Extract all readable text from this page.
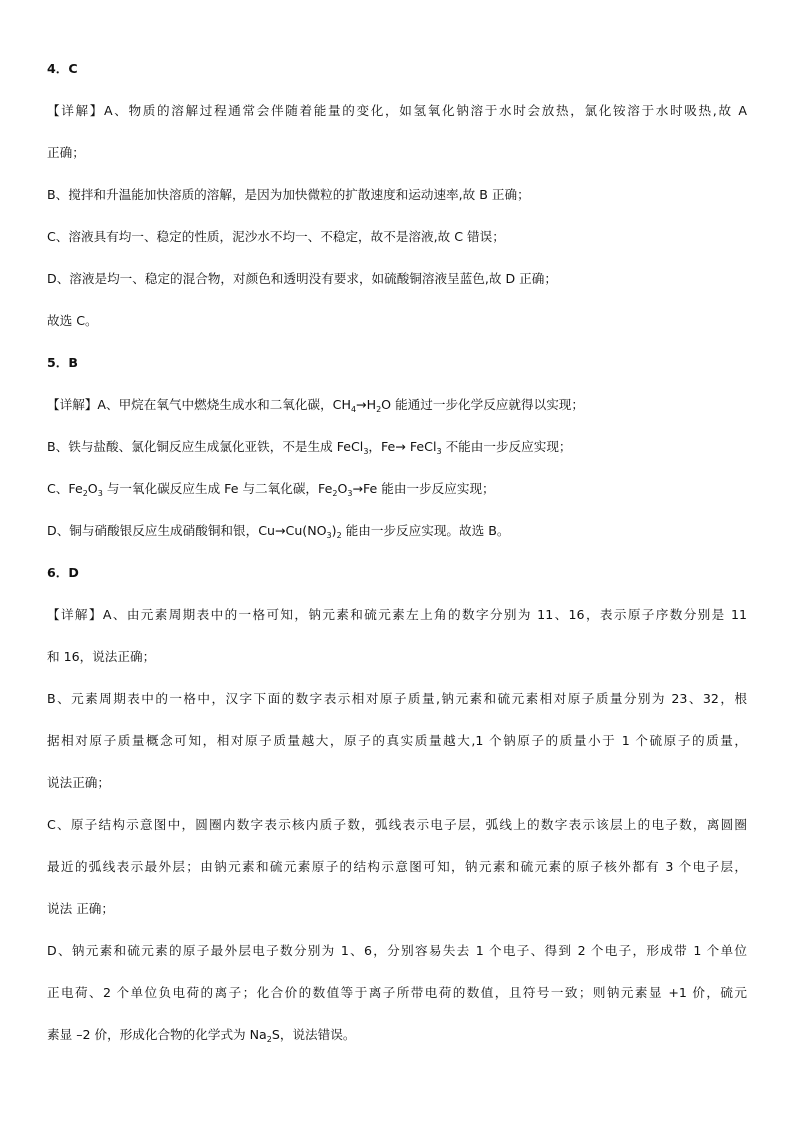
4．C
【详解】A、物质的溶解过程通常会伴随着能量的变化，如氢氧化钠溶于水时会放热，氯化铵溶于水时吸热,故 A
正确；
B、搅拌和升温能加快溶质的溶解，是因为加快微粒的扩散速度和运动速率,故 B 正确；
C、溶液具有均一、稳定的性质，泥沙水不均一、不稳定，故不是溶液,故 C 错误；
D、溶液是均一、稳定的混合物，对颜色和透明没有要求，如硫酸铜溶液呈蓝色,故 D 正确；
故选 C。
5．B
【详解】A、甲烷在氧气中燃烧生成水和二氧化碳，$CH_4\to H_2O$ 能通过一步化学反应就得以实现；
B、铁与盐酸、氯化铜反应生成氯化亚铁，不是生成 FeCl$_3$，Fe→ FeCl$_3$ 不能由一步反应实现；
C、$Fe_2O_3$ 与一氧化碳反应生成 Fe 与二氧化碳，$Fe_2O_3\to Fe$ 能由一步反应实现；
D、铜与硝酸银反应生成硝酸铜和银，$Cu\to Cu(NO_3)_2$ 能由一步反应实现。故选 B。
6．D
【详解】A、由元素周期表中的一格可知，钠元素和硫元素左上角的数字分别为 11、16，表示原子序数分别是 11
和 16，说法正确；
B、元素周期表中的一格中，汉字下面的数字表示相对原子质量,钠元素和硫元素相对原子质量分别为 23、32，根
据相对原子质量概念可知，相对原子质量越大，原子的真实质量越大,1 个钠原子的质量小于 1 个硫原子的质量，
说法正确；
C、原子结构示意图中，圆圈内数字表示核内质子数，弧线表示电子层，弧线上的数字表示该层上的电子数，离圆圈
最近的弧线表示最外层；由钠元素和硫元素原子的结构示意图可知，钠元素和硫元素的原子核外都有 3 个电子层，
说法 正确；
D、钠元素和硫元素的原子最外层电子数分别为 1、6，分别容易失去 1 个电子、得到 2 个电子，形成带 1 个单位
正电荷、2 个单位负电荷的离子；化合价的数值等于离子所带电荷的数值，且符号一致；则钠元素显 +1 价，硫元
素显 –2 价，形成化合物的化学式为 $Na_2S$，说法错误。
